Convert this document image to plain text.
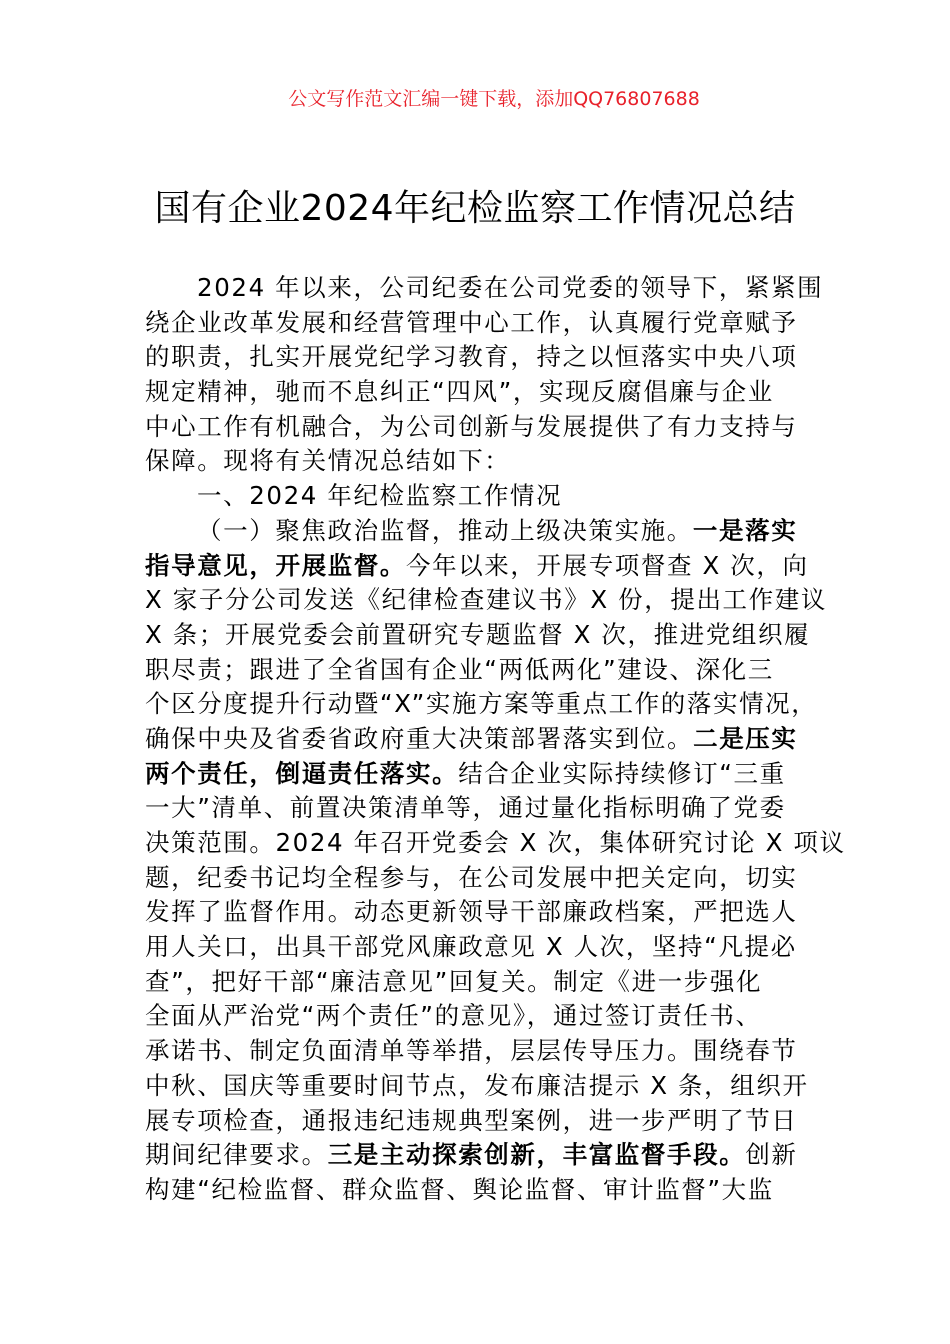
公文写作范文汇编一键下载，添加QQ76807688
国有企业2024年纪检监察工作情况总结
2024 年以来，公司纪委在公司党委的领导下，紧紧围
绕企业改革发展和经营管理中心工作，认真履行党章赋予
的职责，扎实开展党纪学习教育，持之以恒落实中央八项
规定精神，驰而不息纠正“四风”，实现反腐倡廉与企业
中心工作有机融合，为公司创新与发展提供了有力支持与
保障。现将有关情况总结如下：
一、2024 年纪检监察工作情况
（一）聚焦政治监督，推动上级决策实施。一是落实
指导意见，开展监督。今年以来，开展专项督查 X 次，向
X 家子分公司发送《纪律检查建议书》X 份，提出工作建议
X 条；开展党委会前置研究专题监督 X 次，推进党组织履
职尽责；跟进了全省国有企业“两低两化”建设、深化三
个区分度提升行动暨“X”实施方案等重点工作的落实情况，
确保中央及省委省政府重大决策部署落实到位。二是压实
两个责任，倒逼责任落实。结合企业实际持续修订“三重
一大”清单、前置决策清单等，通过量化指标明确了党委
决策范围。2024 年召开党委会 X 次，集体研究讨论 X 项议
题，纪委书记均全程参与，在公司发展中把关定向，切实
发挥了监督作用。动态更新领导干部廉政档案，严把选人
用人关口，出具干部党风廉政意见 X 人次，坚持“凡提必
查”，把好干部“廉洁意见”回复关。制定《进一步强化
全面从严治党“两个责任”的意见》，通过签订责任书、
承诺书、制定负面清单等举措，层层传导压力。围绕春节
中秋、国庆等重要时间节点，发布廉洁提示 X 条，组织开
展专项检查，通报违纪违规典型案例，进一步严明了节日
期间纪律要求。三是主动探索创新，丰富监督手段。创新
构建“纪检监督、群众监督、舆论监督、审计监督”大监
